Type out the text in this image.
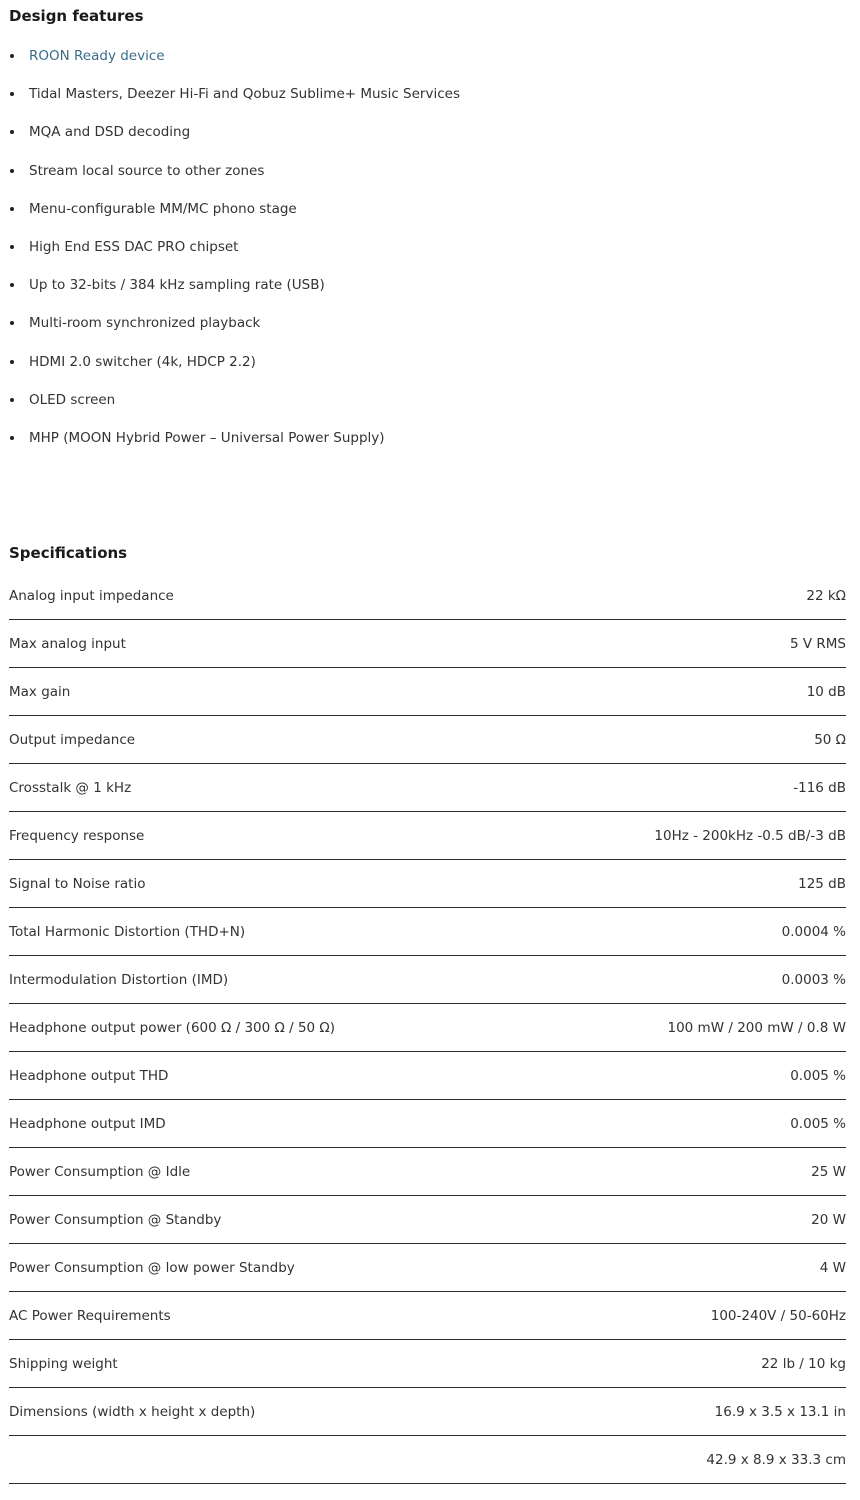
Design features
ROON Ready device
Tidal Masters, Deezer Hi-Fi and Qobuz Sublime+ Music Services
MQA and DSD decoding
Stream local source to other zones
Menu-configurable MM/MC phono stage
High End ESS DAC PRO chipset
Up to 32-bits / 384 kHz sampling rate (USB)
Multi-room synchronized playback
HDMI 2.0 switcher (4k, HDCP 2.2)
OLED screen
MHP (MOON Hybrid Power – Universal Power Supply)
Specifications
Analog input impedance	22 kΩ
Max analog input	5 V RMS
Max gain	10 dB
Output impedance	50 Ω
Crosstalk @ 1 kHz	-116 dB
Frequency response	10Hz - 200kHz -0.5 dB/-3 dB
Signal to Noise ratio	125 dB
Total Harmonic Distortion (THD+N)	0.0004 %
Intermodulation Distortion (IMD)	0.0003 %
Headphone output power (600 Ω / 300 Ω / 50 Ω)	100 mW / 200 mW / 0.8 W
Headphone output THD	0.005 %
Headphone output IMD	0.005 %
Power Consumption @ Idle	25 W
Power Consumption @ Standby	20 W
Power Consumption @ low power Standby	4 W
AC Power Requirements	100-240V / 50-60Hz
Shipping weight	22 lb / 10 kg
Dimensions (width x height x depth)	16.9 x 3.5 x 13.1 in
42.9 x 8.9 x 33.3 cm
